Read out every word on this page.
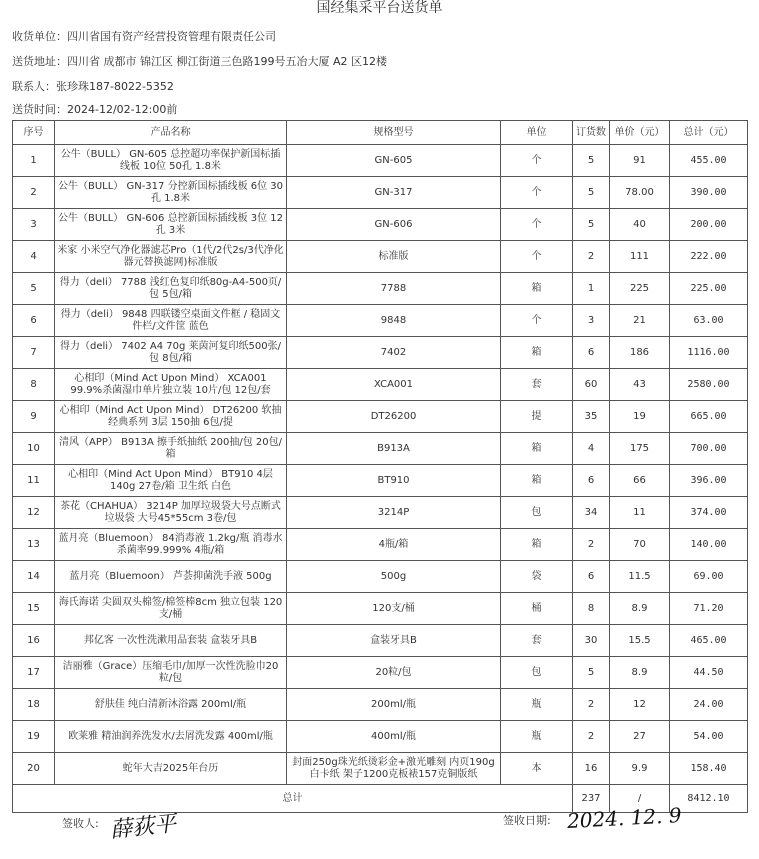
国经集采平台送货单
收货单位：四川省国有资产经营投资管理有限责任公司
送货地址：四川省 成都市 锦江区 柳江街道三色路199号五冶大厦 A2 区12楼
联系人：张珍珠187-8022-5352
送货时间：2024-12/02-12:00前
序号	产品名称	规格型号	单位	订货数	单价（元）	总计（元）
1	公牛（BULL） GN-605 总控超功率保护新国标插线板 10位 50孔 1.8米	GN-605	个	5	91	455.00
2	公牛（BULL） GN-317 分控新国标插线板 6位 30孔 1.8米	GN-317	个	5	78.00	390.00
3	公牛（BULL） GN-606 总控新国标插线板 3位 12孔 3米	GN-606	个	5	40	200.00
4	米家 小米空气净化器滤芯Pro（1代/2代2s/3代净化器元替换滤网)标准版	标准版	个	2	111	222.00
5	得力（deli） 7788 浅红色复印纸80g-A4-500页/包 5包/箱	7788	箱	1	225	225.00
6	得力（deli） 9848 四联镂空桌面文件框 / 稳固文件栏/文件筐 蓝色	9848	个	3	21	63.00
7	得力（deli） 7402 A4 70g 莱茵河复印纸500张/包 8包/箱	7402	箱	6	186	1116.00
8	心相印（Mind Act Upon Mind） XCA001 99.9%杀菌湿巾单片独立装 10片/包 12包/套	XCA001	套	60	43	2580.00
9	心相印（Mind Act Upon Mind） DT26200 软抽 经典系列 3层 150抽 6包/提	DT26200	提	35	19	665.00
10	清风（APP） B913A 擦手纸抽纸 200抽/包 20包/箱	B913A	箱	4	175	700.00
11	心相印（Mind Act Upon Mind） BT910 4层 140g 27卷/箱 卫生纸 白色	BT910	箱	6	66	396.00
12	茶花（CHAHUA） 3214P 加厚垃圾袋大号点断式垃圾袋 大号45*55cm 3卷/包	3214P	包	34	11	374.00
13	蓝月亮（Bluemoon） 84消毒液 1.2kg/瓶 消毒水 杀菌率99.999% 4瓶/箱	4瓶/箱	箱	2	70	140.00
14	蓝月亮（Bluemoon） 芦荟抑菌洗手液 500g	500g	袋	6	11.5	69.00
15	海氏海诺 尖圆双头棉签/棉签棒8cm 独立包装 120支/桶	120支/桶	桶	8	8.9	71.20
16	邦亿客 一次性洗漱用品套装 盒装牙具B	盒装牙具B	套	30	15.5	465.00
17	洁丽雅（Grace）压缩毛巾/加厚一次性洗脸巾20粒/包	20粒/包	包	5	8.9	44.50
18	舒肤佳 纯白清新沐浴露 200ml/瓶	200ml/瓶	瓶	2	12	24.00
19	欧莱雅 精油润养洗发水/去屑洗发露 400ml/瓶	400ml/瓶	瓶	2	27	54.00
20	蛇年大吉2025年台历	封面250g珠光纸烫彩金+激光雕刻 内页190g白卡纸 架子1200克板裱157克铜版纸	本	16	9.9	158.40
总计				237	/	8412.10
签收人: 薛荻平	签收日期: 2024. 12. 9
